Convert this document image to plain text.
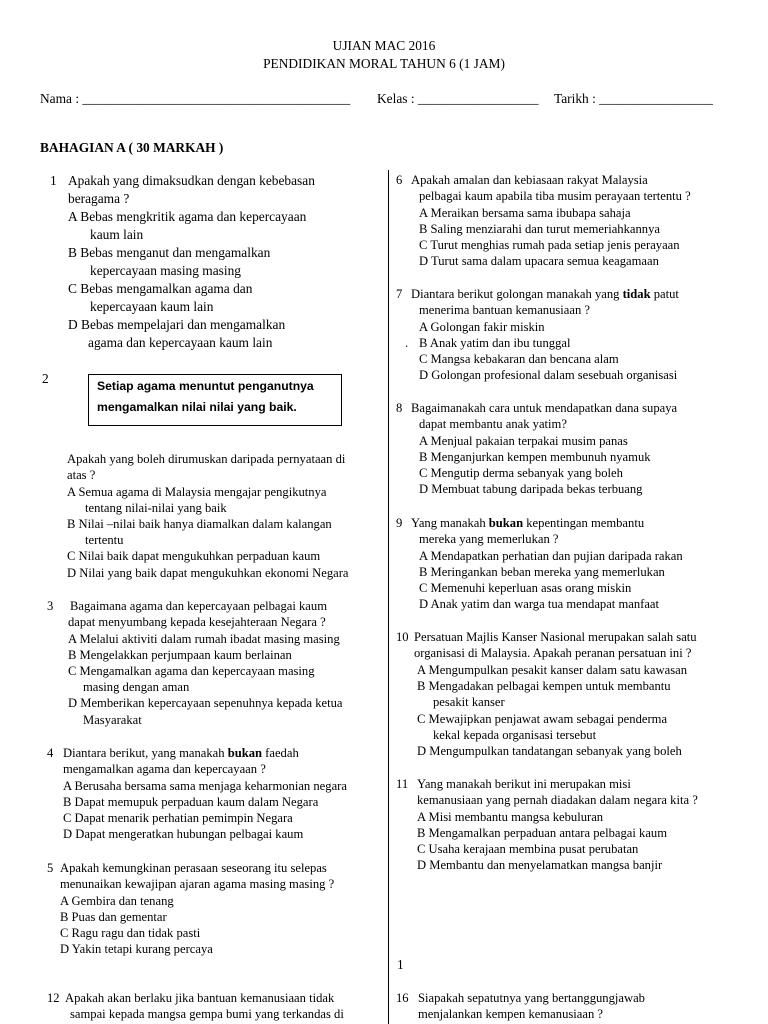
UJIAN MAC 2016
PENDIDIKAN MORAL TAHUN 6 (1 JAM)
Nama : ________________________________________ Kelas : __________________ Tarikh : _________________
BAHAGIAN A ( 30 MARKAH )
1 Apakah yang dimaksudkan dengan kebebasan
beragama ?
A Bebas mengkritik agama dan kepercayaan
kaum lain
B Bebas menganut dan mengamalkan
kepercayaan masing masing
C Bebas mengamalkan agama dan
kepercayaan kaum lain
D Bebas mempelajari dan mengamalkan
agama dan kepercayaan kaum lain
2	Setiap agama menuntut penganutnya
mengamalkan nilai nilai yang baik.
Apakah yang boleh dirumuskan daripada pernyataan di
atas ?
A Semua agama di Malaysia mengajar pengikutnya
tentang nilai-nilai yang baik
B Nilai –nilai baik hanya diamalkan dalam kalangan
tertentu
C Nilai baik dapat mengukuhkan perpaduan kaum
D Nilai yang baik dapat mengukuhkan ekonomi Negara
3 Bagaimana agama dan kepercayaan pelbagai kaum
dapat menyumbang kepada kesejahteraan Negara ?
A Melalui aktiviti dalam rumah ibadat masing masing
B Mengelakkan perjumpaan kaum berlainan
C Mengamalkan agama dan kepercayaan masing
masing dengan aman
D Memberikan kepercayaan sepenuhnya kepada ketua
Masyarakat
4 Diantara berikut, yang manakah bukan faedah
mengamalkan agama dan kepercayaan ?
A Berusaha bersama sama menjaga keharmonian negara
B Dapat memupuk perpaduan kaum dalam Negara
C Dapat menarik perhatian pemimpin Negara
D Dapat mengeratkan hubungan pelbagai kaum
5 Apakah kemungkinan perasaan seseorang itu selepas
menunaikan kewajipan ajaran agama masing masing ?
A Gembira dan tenang
B Puas dan gementar
C Ragu ragu dan tidak pasti
D Yakin tetapi kurang percaya
12 Apakah akan berlaku jika bantuan kemanusiaan tidak
sampai kepada mangsa gempa bumi yang terkandas di
6 Apakah amalan dan kebiasaan rakyat Malaysia
pelbagai kaum apabila tiba musim perayaan tertentu ?
A Meraikan bersama sama ibubapa sahaja
B Saling menziarahi dan turut memeriahkannya
C Turut menghias rumah pada setiap jenis perayaan
D Turut sama dalam upacara semua keagamaan
7 Diantara berikut golongan manakah yang tidak patut
menerima bantuan kemanusiaan ?
A Golongan fakir miskin
. B Anak yatim dan ibu tunggal
C Mangsa kebakaran dan bencana alam
D Golongan profesional dalam sesebuah organisasi
8 Bagaimanakah cara untuk mendapatkan dana supaya
dapat membantu anak yatim?
A Menjual pakaian terpakai musim panas
B Menganjurkan kempen membunuh nyamuk
C Mengutip derma sebanyak yang boleh
D Membuat tabung daripada bekas terbuang
9 Yang manakah bukan kepentingan membantu
mereka yang memerlukan ?
A Mendapatkan perhatian dan pujian daripada rakan
B Meringankan beban mereka yang memerlukan
C Memenuhi keperluan asas orang miskin
D Anak yatim dan warga tua mendapat manfaat
10 Persatuan Majlis Kanser Nasional merupakan salah satu
organisasi di Malaysia. Apakah peranan persatuan ini ?
A Mengumpulkan pesakit kanser dalam satu kawasan
B Mengadakan pelbagai kempen untuk membantu
pesakit kanser
C Mewajipkan penjawat awam sebagai penderma
kekal kepada organisasi tersebut
D Mengumpulkan tandatangan sebanyak yang boleh
11 Yang manakah berikut ini merupakan misi
kemanusiaan yang pernah diadakan dalam negara kita ?
A Misi membantu mangsa kebuluran
B Mengamalkan perpaduan antara pelbagai kaum
C Usaha kerajaan membina pusat perubatan
D Membantu dan menyelamatkan mangsa banjir
1
16 Siapakah sepatutnya yang bertanggungjawab
menjalankan kempen kemanusiaan ?
